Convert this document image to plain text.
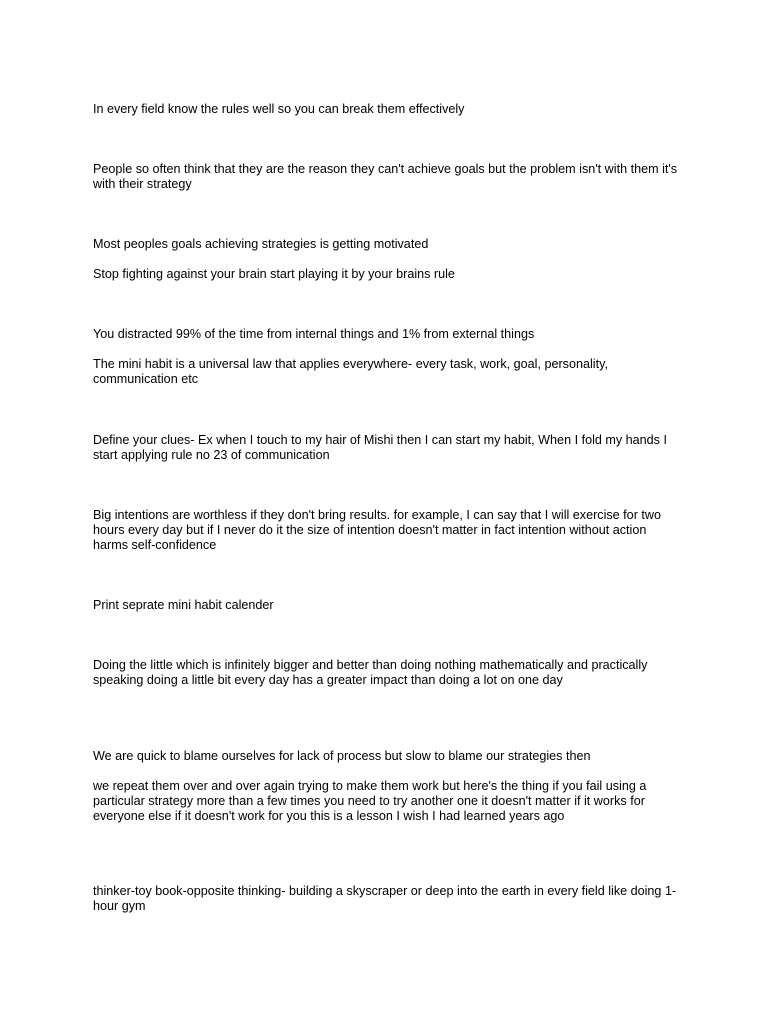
In every field know the rules well so you can break them effectively

People so often think that they are the reason they can't achieve goals but the problem isn't with them it's with their strategy

Most peoples goals achieving strategies is getting motivated

Stop fighting against your brain start playing it by your brains rule

You distracted 99% of the time from internal things and 1% from external things

The mini habit is a universal law that applies everywhere- every task, work, goal, personality, communication etc

Define your clues- Ex when I touch to my hair of Mishi then I can start my habit, When I fold my hands I start applying rule no 23 of communication

Big intentions are worthless if they don't bring results. for example, I can say that I will exercise for two hours every day but if I never do it the size of intention doesn't matter in fact intention without action harms self-confidence

Print seprate mini habit calender

Doing the little which is infinitely bigger and better than doing nothing mathematically and practically speaking doing a little bit every day has a greater impact than doing a lot on one day

We are quick to blame ourselves for lack of process but slow to blame our strategies then

we repeat them over and over again trying to make them work but here's the thing if you fail using a particular strategy more than a few times you need to try another one it doesn't matter if it works for everyone else if it doesn't work for you this is a lesson I wish I had learned years ago

thinker-toy book-opposite thinking- building a skyscraper or deep into the earth in every field like doing 1-hour gym
